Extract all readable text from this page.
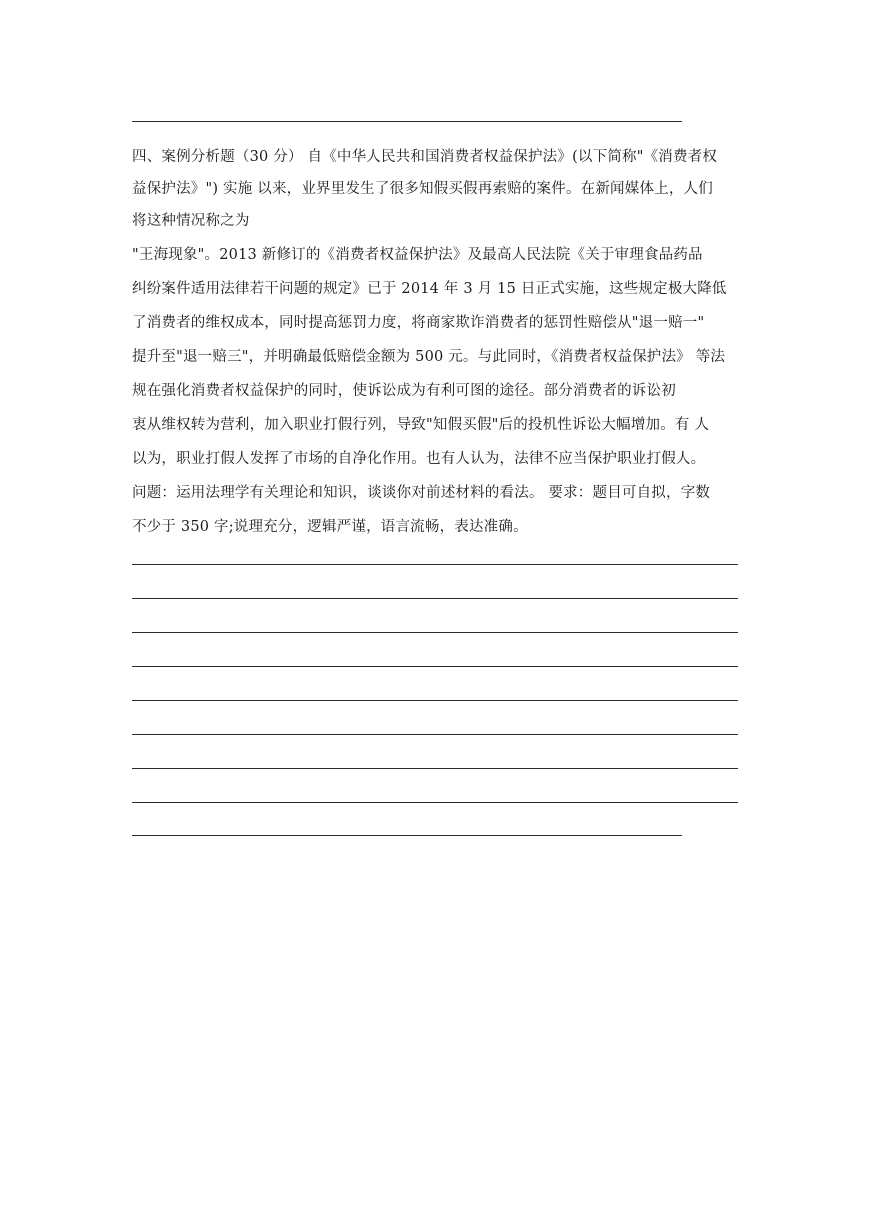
四、案例分析题（30 分） 自《中华人民共和国消费者权益保护法》(以下简称"《消费者权
益保护法》") 实施 以来，业界里发生了很多知假买假再索赔的案件。在新闻媒体上，人们
将这种情况称之为
"王海现象"。2013 新修订的《消费者权益保护法》及最高人民法院《关于审理食品药品
纠纷案件适用法律若干问题的规定》已于 2014 年 3 月 15 日正式实施，这些规定极大降低
了消费者的维权成本，同时提高惩罚力度，将商家欺诈消费者的惩罚性赔偿从"退一赔一"
提升至"退一赔三"，并明确最低赔偿金额为 500 元。与此同时，《消费者权益保护法》 等法
规在强化消费者权益保护的同时，使诉讼成为有利可图的途径。部分消费者的诉讼初
衷从维权转为营利，加入职业打假行列，导致"知假买假"后的投机性诉讼大幅增加。有 人
以为，职业打假人发挥了市场的自净化作用。也有人认为，法律不应当保护职业打假人。
问题：运用法理学有关理论和知识，谈谈你对前述材料的看法。 要求：题目可自拟，字数
不少于 350 字;说理充分，逻辑严谨，语言流畅，表达准确。
